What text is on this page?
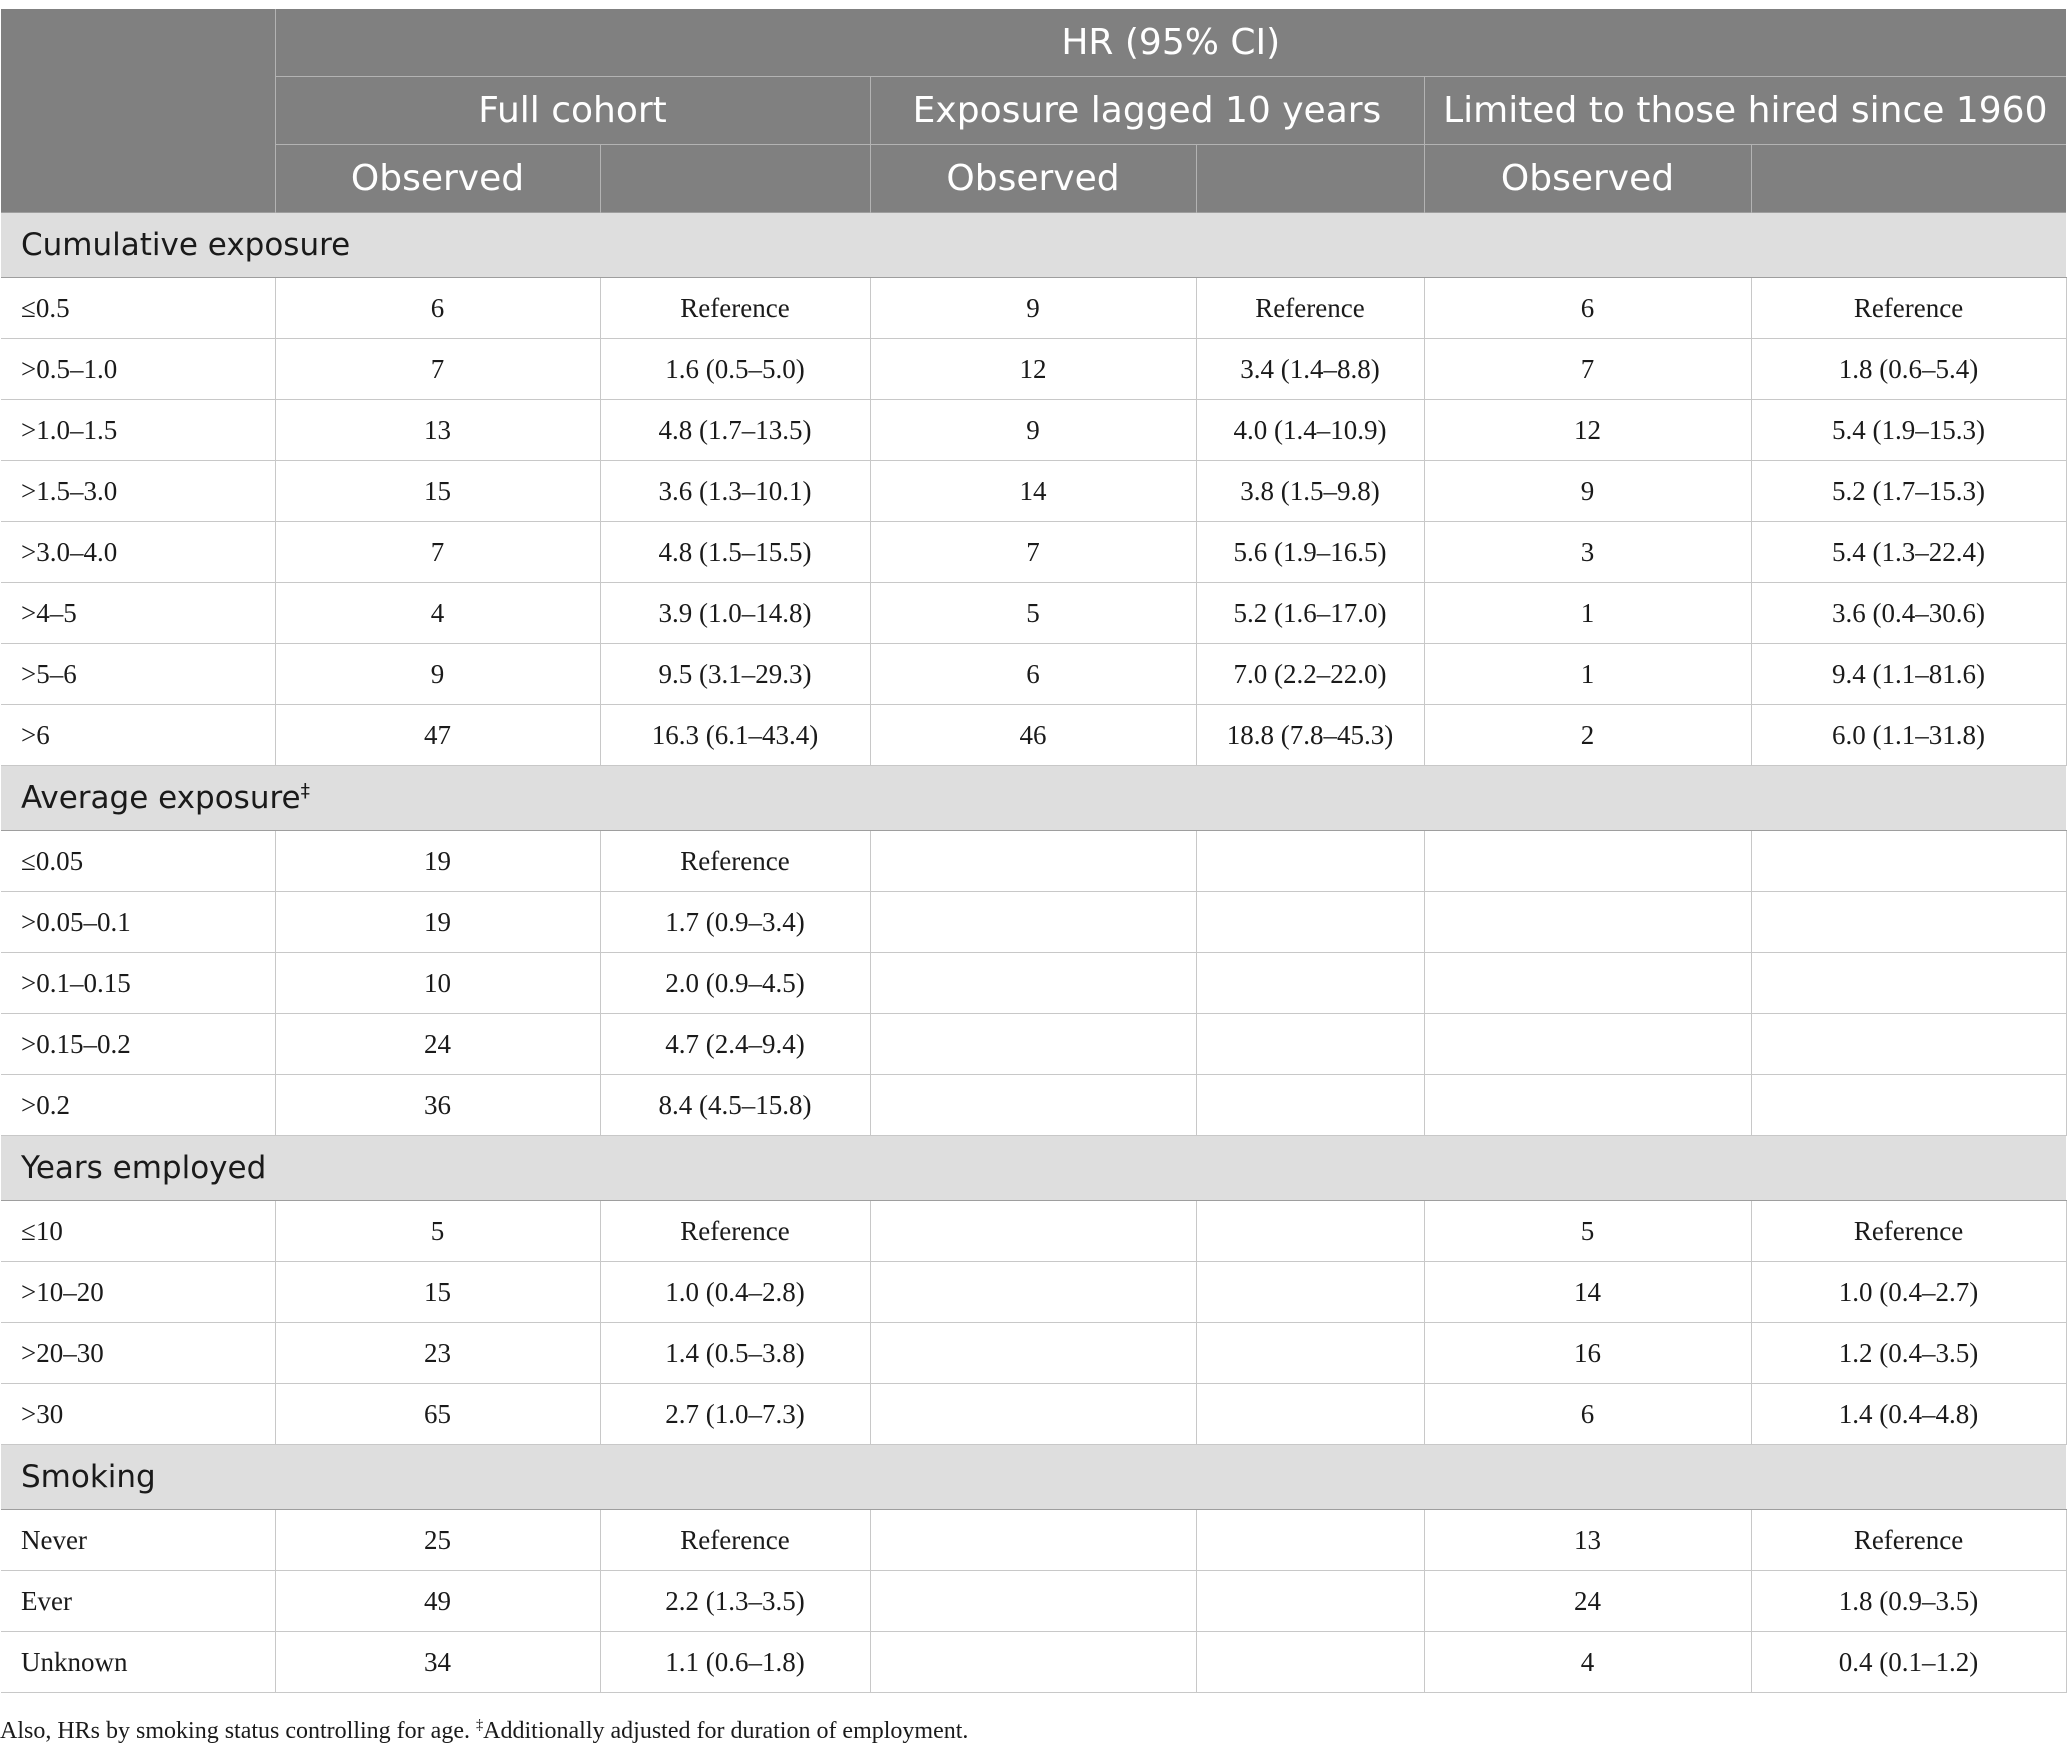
	HR (95% CI)					
	Full cohort		Exposure lagged 10 years		Limited to those hired since 1960	
	Observed		Observed		Observed	
Cumulative exposure						
≤0.5	6	Reference	9	Reference	6	Reference
>0.5–1.0	7	1.6 (0.5–5.0)	12	3.4 (1.4–8.8)	7	1.8 (0.6–5.4)
>1.0–1.5	13	4.8 (1.7–13.5)	9	4.0 (1.4–10.9)	12	5.4 (1.9–15.3)
>1.5–3.0	15	3.6 (1.3–10.1)	14	3.8 (1.5–9.8)	9	5.2 (1.7–15.3)
>3.0–4.0	7	4.8 (1.5–15.5)	7	5.6 (1.9–16.5)	3	5.4 (1.3–22.4)
>4–5	4	3.9 (1.0–14.8)	5	5.2 (1.6–17.0)	1	3.6 (0.4–30.6)
>5–6	9	9.5 (3.1–29.3)	6	7.0 (2.2–22.0)	1	9.4 (1.1–81.6)
>6	47	16.3 (6.1–43.4)	46	18.8 (7.8–45.3)	2	6.0 (1.1–31.8)
Average exposure‡
≤0.05	19	Reference				
>0.05–0.1	19	1.7 (0.9–3.4)				
>0.1–0.15	10	2.0 (0.9–4.5)				
>0.15–0.2	24	4.7 (2.4–9.4)				
>0.2	36	8.4 (4.5–15.8)				
Years employed						
≤10	5	Reference			5	Reference
>10–20	15	1.0 (0.4–2.8)			14	1.0 (0.4–2.7)
>20–30	23	1.4 (0.5–3.8)			16	1.2 (0.4–3.5)
>30	65	2.7 (1.0–7.3)			6	1.4 (0.4–4.8)
Smoking						
Never	25	Reference			13	Reference
Ever	49	2.2 (1.3–3.5)			24	1.8 (0.9–3.5)
Unknown	34	1.1 (0.6–1.8)			4	0.4 (0.1–1.2)
Also, HRs by smoking status controlling for age. ‡Additionally adjusted for duration of employment.
